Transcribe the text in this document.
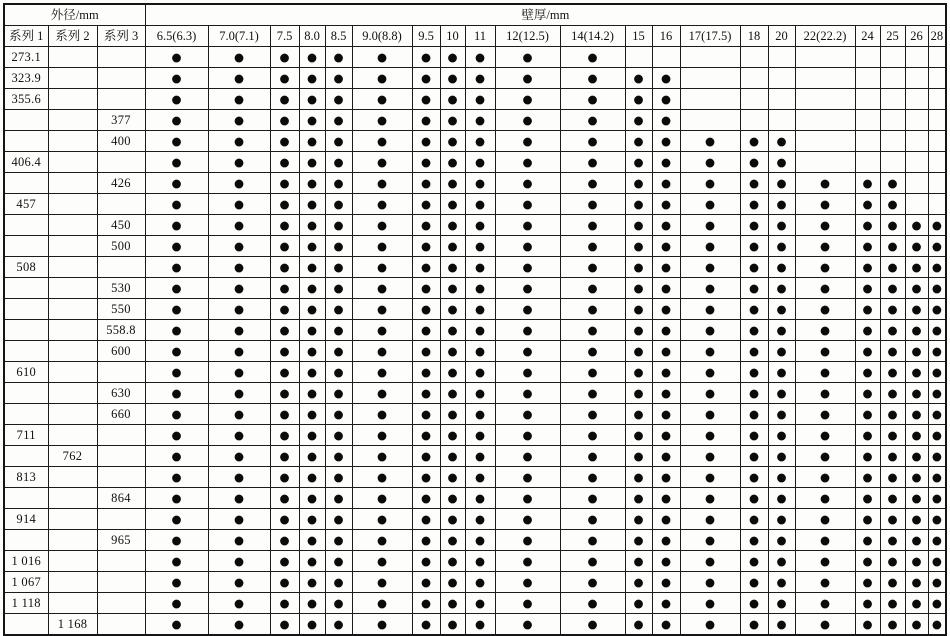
外径/mm			壁厚/mm																				
系列 1	系列 2	系列 3	6.5(6.3)	7.0(7.1)	7.5	8.0	8.5	9.0(8.8)	9.5	10	11	12(12.5)	14(14.2)	15	16	17(17.5)	18	20	22(22.2)	24	25	26	28
273.1			●	●	●	●	●	●	●	●	●	●	●										
323.9			●	●	●	●	●	●	●	●	●	●	●	●	●								
355.6			●	●	●	●	●	●	●	●	●	●	●	●	●								
		377	●	●	●	●	●	●	●	●	●	●	●	●	●								
		400	●	●	●	●	●	●	●	●	●	●	●	●	●	●	●	●					
406.4			●	●	●	●	●	●	●	●	●	●	●	●	●	●	●	●					
		426	●	●	●	●	●	●	●	●	●	●	●	●	●	●	●	●	●	●	●		
457			●	●	●	●	●	●	●	●	●	●	●	●	●	●	●	●	●	●	●		
		450	●	●	●	●	●	●	●	●	●	●	●	●	●	●	●	●	●	●	●	●	●
		500	●	●	●	●	●	●	●	●	●	●	●	●	●	●	●	●	●	●	●	●	●
508			●	●	●	●	●	●	●	●	●	●	●	●	●	●	●	●	●	●	●	●	●
		530	●	●	●	●	●	●	●	●	●	●	●	●	●	●	●	●	●	●	●	●	●
		550	●	●	●	●	●	●	●	●	●	●	●	●	●	●	●	●	●	●	●	●	●
		558.8	●	●	●	●	●	●	●	●	●	●	●	●	●	●	●	●	●	●	●	●	●
		600	●	●	●	●	●	●	●	●	●	●	●	●	●	●	●	●	●	●	●	●	●
610			●	●	●	●	●	●	●	●	●	●	●	●	●	●	●	●	●	●	●	●	●
		630	●	●	●	●	●	●	●	●	●	●	●	●	●	●	●	●	●	●	●	●	●
		660	●	●	●	●	●	●	●	●	●	●	●	●	●	●	●	●	●	●	●	●	●
711			●	●	●	●	●	●	●	●	●	●	●	●	●	●	●	●	●	●	●	●	●
	762		●	●	●	●	●	●	●	●	●	●	●	●	●	●	●	●	●	●	●	●	●
813			●	●	●	●	●	●	●	●	●	●	●	●	●	●	●	●	●	●	●	●	●
		864	●	●	●	●	●	●	●	●	●	●	●	●	●	●	●	●	●	●	●	●	●
914			●	●	●	●	●	●	●	●	●	●	●	●	●	●	●	●	●	●	●	●	●
		965	●	●	●	●	●	●	●	●	●	●	●	●	●	●	●	●	●	●	●	●	●
1 016			●	●	●	●	●	●	●	●	●	●	●	●	●	●	●	●	●	●	●	●	●
1 067			●	●	●	●	●	●	●	●	●	●	●	●	●	●	●	●	●	●	●	●	●
1 118			●	●	●	●	●	●	●	●	●	●	●	●	●	●	●	●	●	●	●	●	●
	1 168		●	●	●	●	●	●	●	●	●	●	●	●	●	●	●	●	●	●	●	●	●
